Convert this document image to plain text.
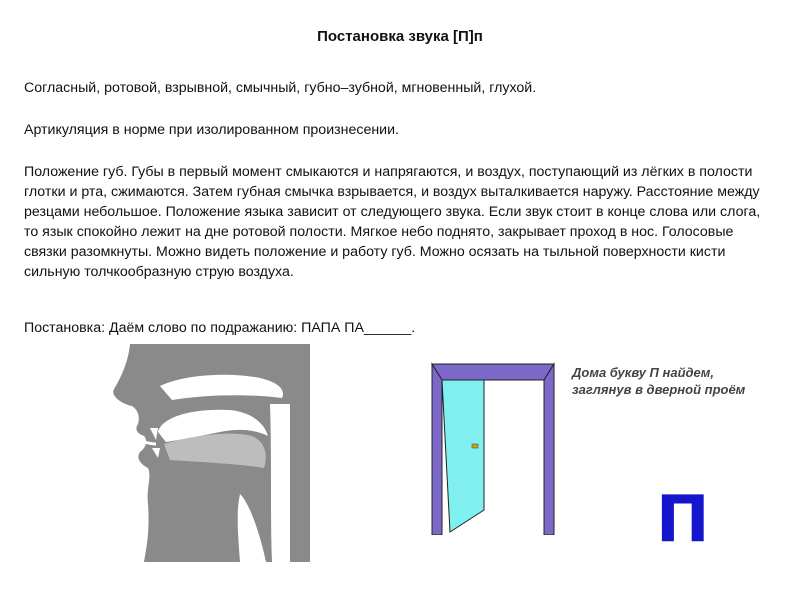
Постановка звука [П]п

Согласный, ротовой, взрывной, смычный, губно–зубной, мгновенный, глухой.

Артикуляция в норме при изолированном произнесении.

Положение губ. Губы в первый момент смыкаются и напрягаются, и воздух, поступающий из лёгких в полости глотки и рта, сжимаются. Затем губная смычка взрывается, и воздух выталкивается наружу. Расстояние между резцами небольшое. Положение языка зависит от следующего звука. Если звук стоит в конце слова или слога, то язык спокойно лежит на дне ротовой полости. Мягкое небо поднято, закрывает проход в нос. Голосовые связки разомкнуты. Можно видеть положение и работу губ. Можно осязать на тыльной поверхности кисти сильную толчкообразную струю воздуха.

Постановка: Даём слово по подражанию: ПАПА ПА______.

Дома букву П найдем, заглянув в дверной проём

П
